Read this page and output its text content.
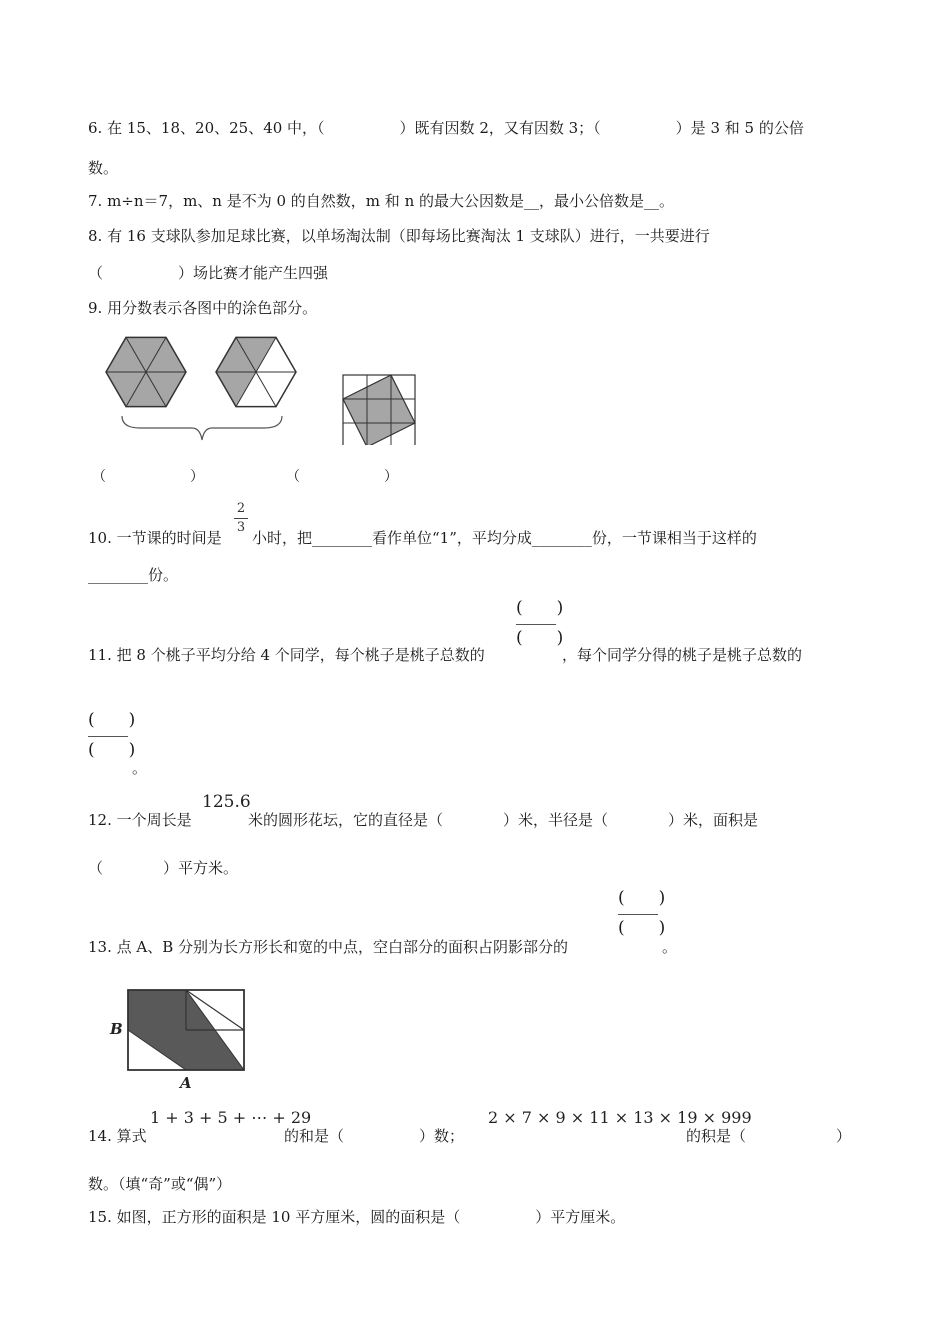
6. 在 15、18、20、25、40 中，（　　　　　）既有因数 2，又有因数 3；（　　　　　）是 3 和 5 的公倍
数。
7. m÷n＝7，m、n 是不为 0 的自然数，m 和 n 的最大公因数是__，最小公倍数是__。
8. 有 16 支球队参加足球比赛，以单场淘汰制（即每场比赛淘汰 1 支球队）进行，一共要进行
（　　　　　）场比赛才能产生四强
9. 用分数表示各图中的涂色部分。
（　　　　　　）	（　　　　　　）
2
3
10. 一节课的时间是 小时，把________看作单位“1”，平均分成________份，一节课相当于这样的
________份。
(　　)
(　　)
11. 把 8 个桃子平均分给 4 个同学，每个桃子是桃子总数的	，每个同学分得的桃子是桃子总数的
(　　)
(　　)
。
125.6
12. 一个周长是	米的圆形花坛，它的直径是（　　　　）米，半径是（　　　　）米，面积是
（　　　　）平方米。
(　　)
(　　)
13. 点 A、B 分别为长方形长和宽的中点，空白部分的面积占阴影部分的	。
B
A
1 + 3 + 5 + ⋯ + 29	2 × 7 × 9 × 11 × 13 × 19 × 999
14. 算式	的和是（　　　　　）数；	的积是（　　　　　　）
数。（填“奇”或“偶”）
15. 如图，正方形的面积是 10 平方厘米，圆的面积是（　　　　　）平方厘米。
